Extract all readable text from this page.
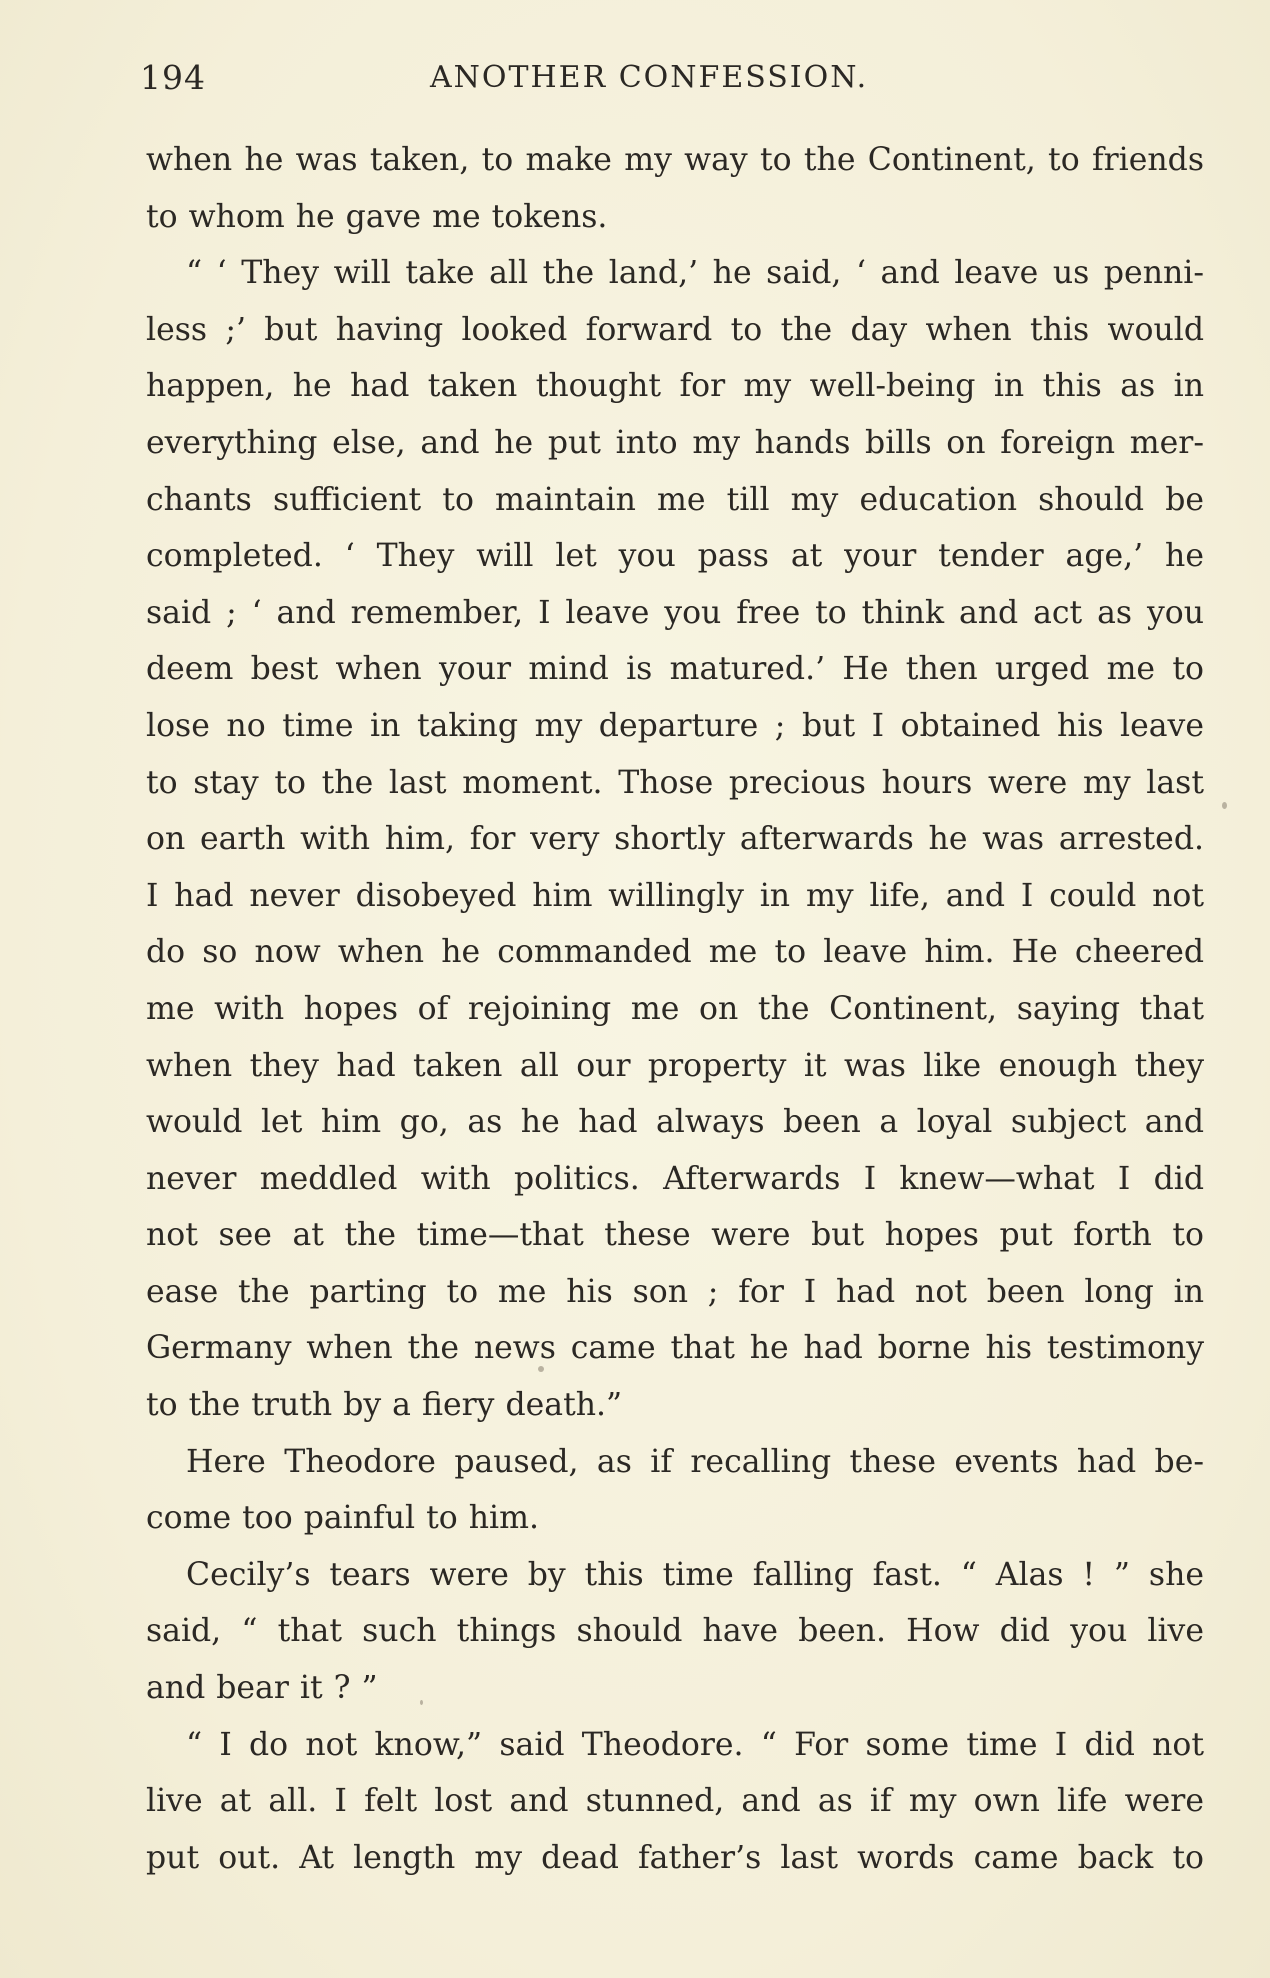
194	ANOTHER CONFESSION.
when he was taken, to make my way to the Continent, to friends
to whom he gave me tokens.
“ ‘ They will take all the land,’ he said, ‘ and leave us penni-
less ;’ but having looked forward to the day when this would
happen, he had taken thought for my well-being in this as in
everything else, and he put into my hands bills on foreign mer-
chants sufficient to maintain me till my education should be
completed. ‘ They will let you pass at your tender age,’ he
said ; ‘ and remember, I leave you free to think and act as you
deem best when your mind is matured.’ He then urged me to
lose no time in taking my departure ; but I obtained his leave
to stay to the last moment. Those precious hours were my last
on earth with him, for very shortly afterwards he was arrested.
I had never disobeyed him willingly in my life, and I could not
do so now when he commanded me to leave him. He cheered
me with hopes of rejoining me on the Continent, saying that
when they had taken all our property it was like enough they
would let him go, as he had always been a loyal subject and
never meddled with politics. Afterwards I knew—what I did
not see at the time—that these were but hopes put forth to
ease the parting to me his son ; for I had not been long in
Germany when the news came that he had borne his testimony
to the truth by a fiery death.”
Here Theodore paused, as if recalling these events had be-
come too painful to him.
Cecily’s tears were by this time falling fast. “ Alas ! ” she
said, “ that such things should have been. How did you live
and bear it ? ”
“ I do not know,” said Theodore. “ For some time I did not
live at all. I felt lost and stunned, and as if my own life were
put out. At length my dead father’s last words came back to
